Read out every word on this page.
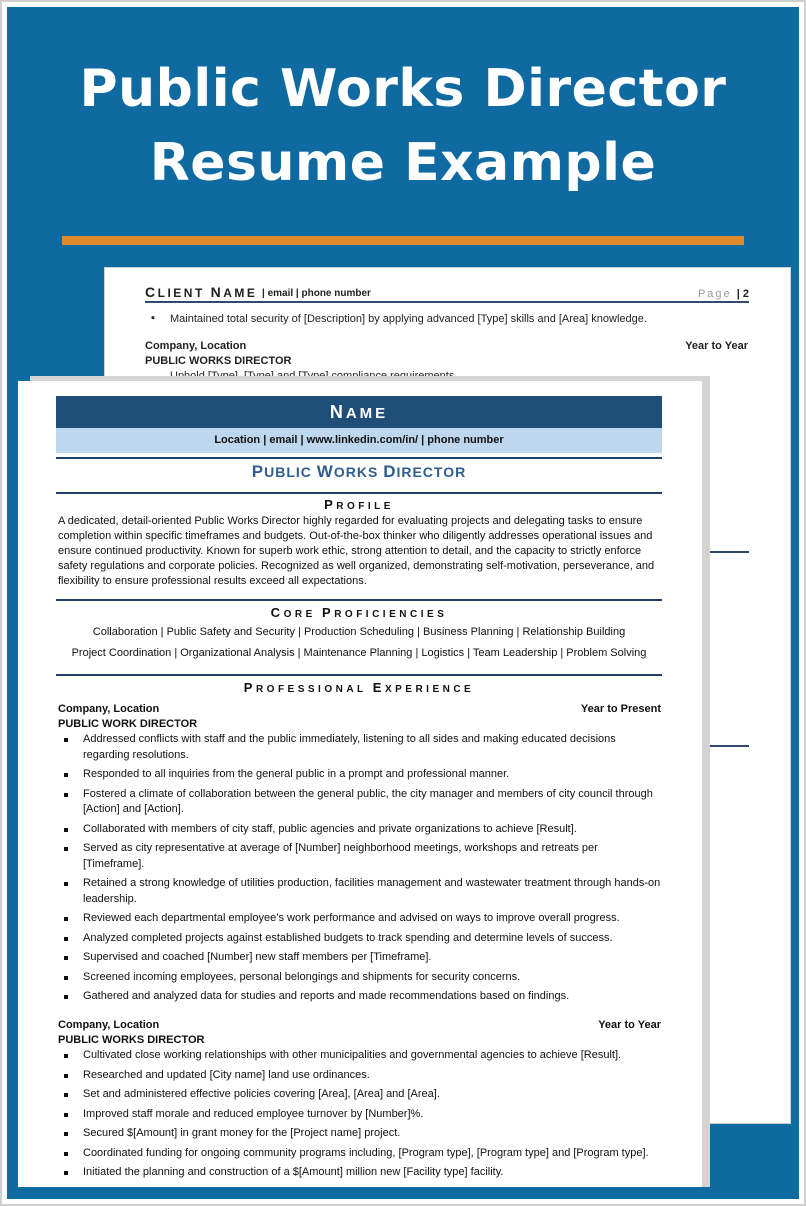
Public Works Director
Resume Example
CLIENT NAME | email | phone number	Page | 2
▪ Maintained total security of [Description] by applying advanced [Type] skills and [Area] knowledge.
Company, Location	Year to Year
PUBLIC WORKS DIRECTOR
NAME
Location | email | www.linkedin.com/in/ | phone number
PUBLIC WORKS DIRECTOR
PROFILE
A dedicated, detail-oriented Public Works Director highly regarded for evaluating projects and delegating tasks to ensure completion within specific timeframes and budgets. Out-of-the-box thinker who diligently addresses operational issues and ensure continued productivity. Known for superb work ethic, strong attention to detail, and the capacity to strictly enforce safety regulations and corporate policies. Recognized as well organized, demonstrating self-motivation, perseverance, and flexibility to ensure professional results exceed all expectations.
CORE PROFICIENCIES
Collaboration | Public Safety and Security | Production Scheduling | Business Planning | Relationship Building
Project Coordination | Organizational Analysis | Maintenance Planning | Logistics | Team Leadership | Problem Solving
PROFESSIONAL EXPERIENCE
Company, Location	Year to Present
PUBLIC WORK DIRECTOR
Addressed conflicts with staff and the public immediately, listening to all sides and making educated decisions regarding resolutions.
Responded to all inquiries from the general public in a prompt and professional manner.
Fostered a climate of collaboration between the general public, the city manager and members of city council through [Action] and [Action].
Collaborated with members of city staff, public agencies and private organizations to achieve [Result].
Served as city representative at average of [Number] neighborhood meetings, workshops and retreats per [Timeframe].
Retained a strong knowledge of utilities production, facilities management and wastewater treatment through hands-on leadership.
Reviewed each departmental employee’s work performance and advised on ways to improve overall progress.
Analyzed completed projects against established budgets to track spending and determine levels of success.
Supervised and coached [Number] new staff members per [Timeframe].
Screened incoming employees, personal belongings and shipments for security concerns.
Gathered and analyzed data for studies and reports and made recommendations based on findings.
Company, Location	Year to Year
PUBLIC WORKS DIRECTOR
Cultivated close working relationships with other municipalities and governmental agencies to achieve [Result].
Researched and updated [City name] land use ordinances.
Set and administered effective policies covering [Area], [Area] and [Area].
Improved staff morale and reduced employee turnover by [Number]%.
Secured $[Amount] in grant money for the [Project name] project.
Coordinated funding for ongoing community programs including, [Program type], [Program type] and [Program type].
Initiated the planning and construction of a $[Amount] million new [Facility type] facility.
